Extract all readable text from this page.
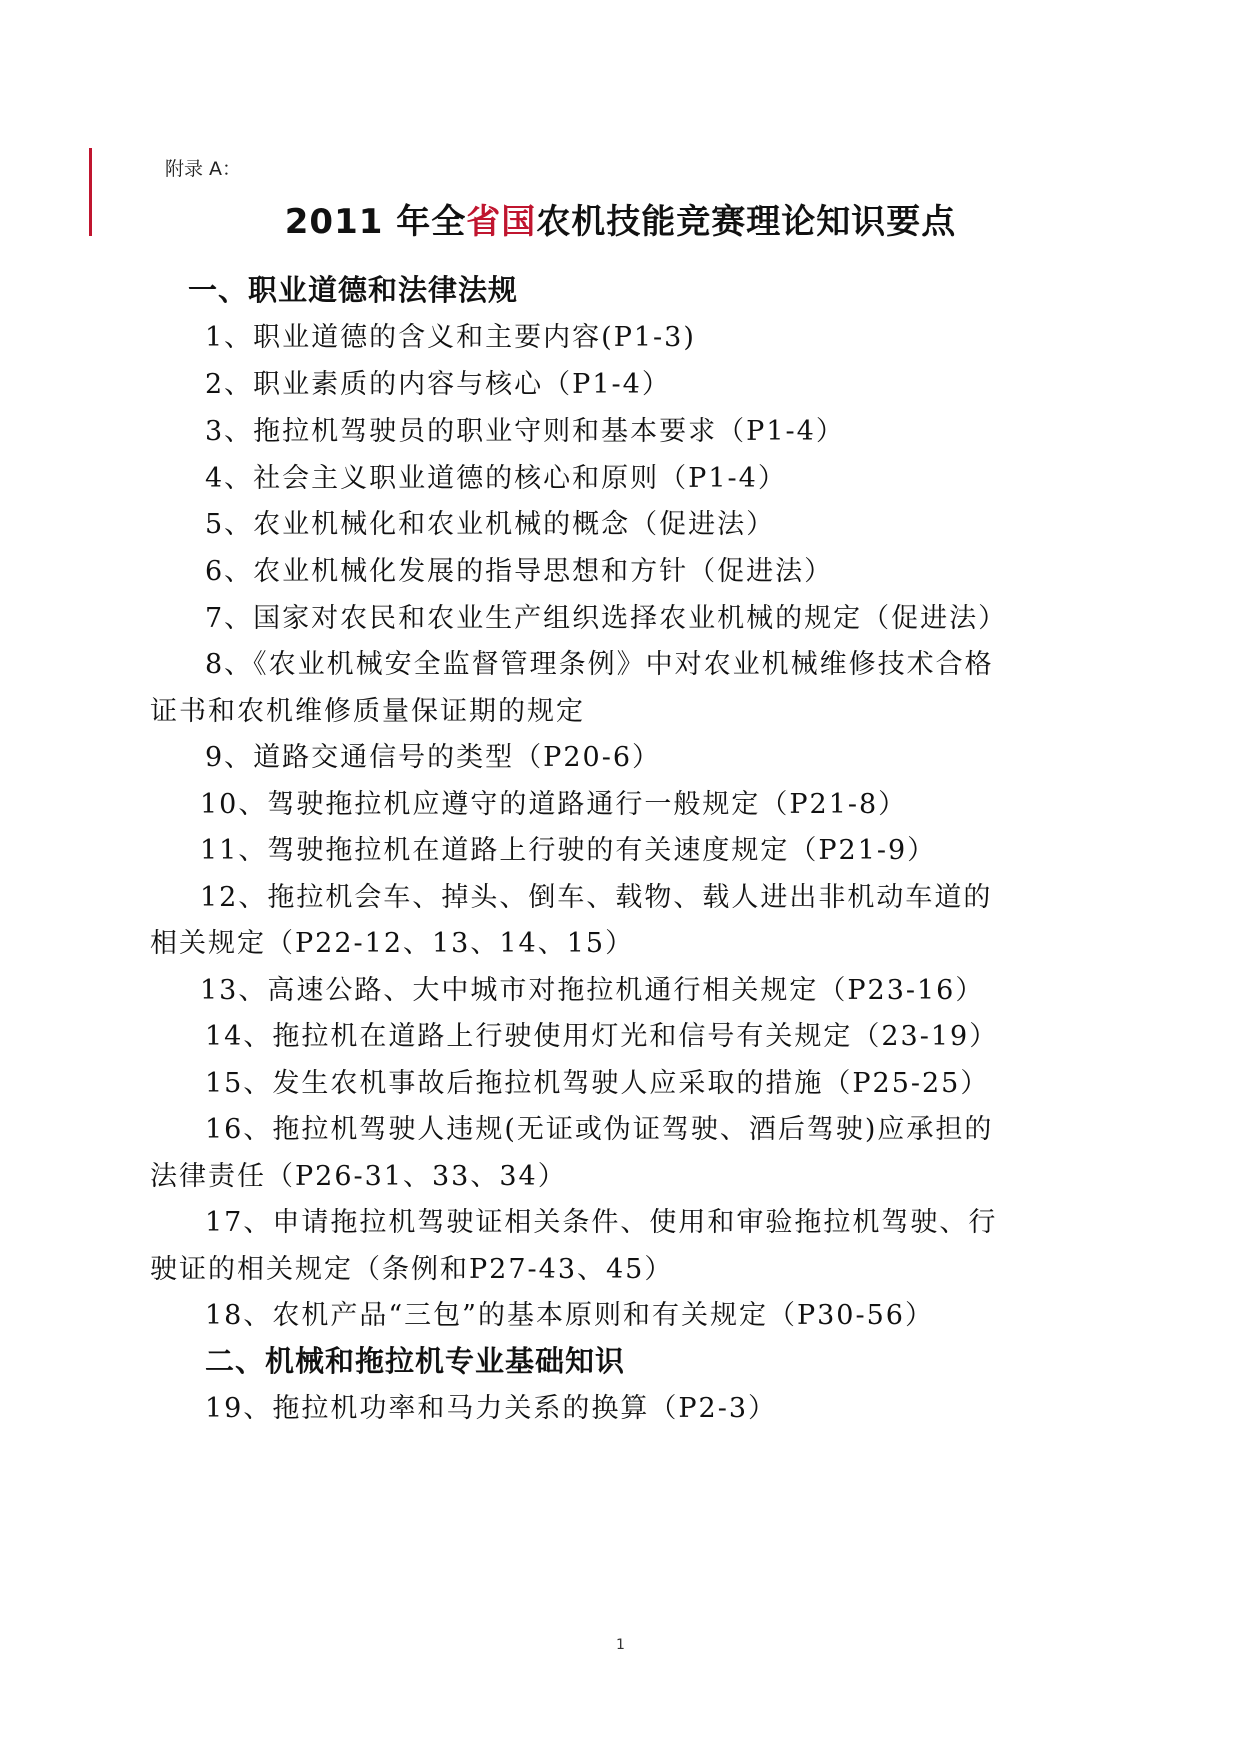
附录 A：
2011 年全省国农机技能竞赛理论知识要点
一、职业道德和法律法规
1、职业道德的含义和主要内容(P1-3)
2、职业素质的内容与核心（P1-4）
3、拖拉机驾驶员的职业守则和基本要求（P1-4）
4、社会主义职业道德的核心和原则（P1-4）
5、农业机械化和农业机械的概念（促进法）
6、农业机械化发展的指导思想和方针（促进法）
7、国家对农民和农业生产组织选择农业机械的规定（促进法）
8、《农业机械安全监督管理条例》中对农业机械维修技术合格
证书和农机维修质量保证期的规定
9、道路交通信号的类型（P20-6）
10、驾驶拖拉机应遵守的道路通行一般规定（P21-8）
11、驾驶拖拉机在道路上行驶的有关速度规定（P21-9）
12、拖拉机会车、掉头、倒车、载物、载人进出非机动车道的
相关规定（P22-12、13、14、15）
13、高速公路、大中城市对拖拉机通行相关规定（P23-16）
14、拖拉机在道路上行驶使用灯光和信号有关规定（23-19）
15、发生农机事故后拖拉机驾驶人应采取的措施（P25-25）
16、拖拉机驾驶人违规(无证或伪证驾驶、酒后驾驶)应承担的
法律责任（P26-31、33、34）
17、申请拖拉机驾驶证相关条件、使用和审验拖拉机驾驶、行
驶证的相关规定（条例和P27-43、45）
18、农机产品“三包”的基本原则和有关规定（P30-56）
二、机械和拖拉机专业基础知识
19、拖拉机功率和马力关系的换算（P2-3）
1
